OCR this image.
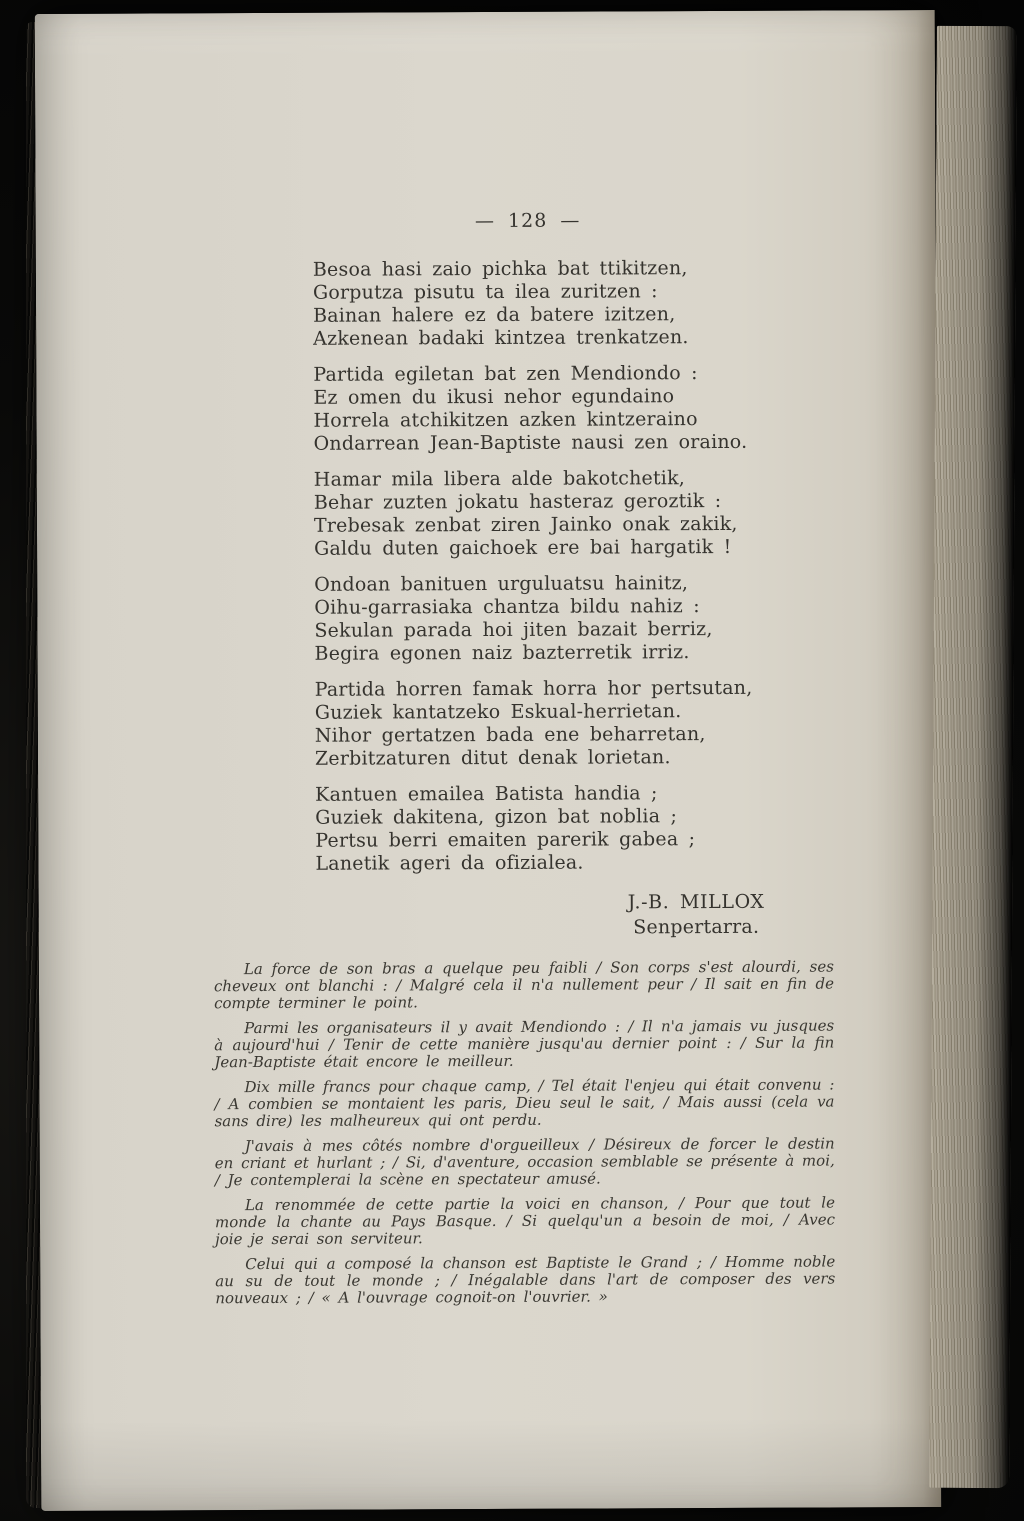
— 128 —
Besoa hasi zaio pichka bat ttikitzen,
Gorputza pisutu ta ilea zuritzen :
Bainan halere ez da batere izitzen,
Azkenean badaki kintzea trenkatzen.
Partida egiletan bat zen Mendiondo :
Ez omen du ikusi nehor egundaino
Horrela atchikitzen azken kintzeraino
Ondarrean Jean-Baptiste nausi zen oraino.
Hamar mila libera alde bakotchetik,
Behar zuzten jokatu hasteraz geroztik :
Trebesak zenbat ziren Jainko onak zakik,
Galdu duten gaichoek ere bai hargatik !
Ondoan banituen urguluatsu hainitz,
Oihu-garrasiaka chantza bildu nahiz :
Sekulan parada hoi jiten bazait berriz,
Begira egonen naiz bazterretik irriz.
Partida horren famak horra hor pertsutan,
Guziek kantatzeko Eskual-herrietan.
Nihor gertatzen bada ene beharretan,
Zerbitzaturen ditut denak lorietan.
Kantuen emailea Batista handia ;
Guziek dakitena, gizon bat noblia ;
Pertsu berri emaiten parerik gabea ;
Lanetik ageri da ofizialea.
J.-B. MILLOX
Senpertarra.

La force de son bras a quelque peu faibli / Son corps s'est alourdi, ses cheveux ont blanchi : / Malgré cela il n'a nullement peur / Il sait en fin de compte terminer le point.

Parmi les organisateurs il y avait Mendiondo : / Il n'a jamais vu jusques à aujourd'hui / Tenir de cette manière jusqu'au dernier point : / Sur la fin Jean-Baptiste était encore le meilleur.

Dix mille francs pour chaque camp, / Tel était l'enjeu qui était convenu : / A combien se montaient les paris, Dieu seul le sait, / Mais aussi (cela va sans dire) les malheureux qui ont perdu.

J'avais à mes côtés nombre d'orgueilleux / Désireux de forcer le destin en criant et hurlant ; / Si, d'aventure, occasion semblable se présente à moi, / Je contemplerai la scène en spectateur amusé.

La renommée de cette partie la voici en chanson, / Pour que tout le monde la chante au Pays Basque. / Si quelqu'un a besoin de moi, / Avec joie je serai son serviteur.

Celui qui a composé la chanson est Baptiste le Grand ; / Homme noble au su de tout le monde ; / Inégalable dans l'art de composer des vers nouveaux ; / « A l'ouvrage cognoit-on l'ouvrier. »
